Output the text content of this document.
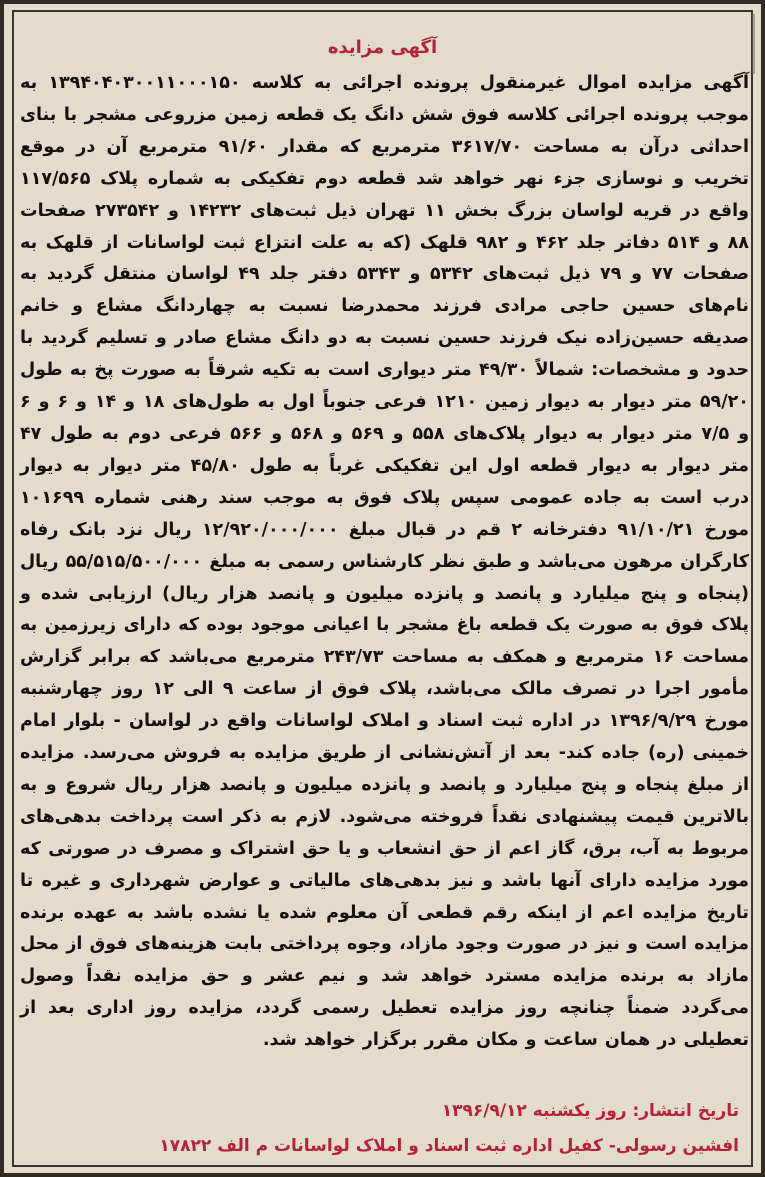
آگهی مزایده

آگهی مزایده اموال غیرمنقول پرونده اجرائی به کلاسه ۱۳۹۴۰۴۰۳۰۰۱۱۰۰۰۱۵۰ به موجب پرونده اجرائی کلاسه فوق شش دانگ یک قطعه زمین مزروعی مشجر با بنای احداثی درآن به مساحت ۳۶۱۷/۷۰ مترمربع که مقدار ۹۱/۶۰ مترمربع آن در موقع تخریب و نوسازی جزء نهر خواهد شد قطعه دوم تفکیکی به شماره پلاک ۱۱۷/۵۶۵ واقع در قریه لواسان بزرگ بخش ۱۱ تهران ذیل ثبت‌های ۱۴۲۳۲ و ۲۷۳۵۴۲ صفحات ۸۸ و ۵۱۴ دفاتر جلد ۴۶۲ و ۹۸۲ قلهک (که به علت انتزاع ثبت لواسانات از قلهک به صفحات ۷۷ و ۷۹ ذیل ثبت‌های ۵۳۴۲ و ۵۳۴۳ دفتر جلد ۴۹ لواسان منتقل گردید به نام‌های حسین حاجی مرادی فرزند محمدرضا نسبت به چهاردانگ مشاع و خانم صدیقه حسین‌زاده نیک فرزند حسین نسبت به دو دانگ مشاع صادر و تسلیم گردید با حدود و مشخصات: شمالاً ۴۹/۳۰ متر دیواری است به تکیه شرقاً به صورت پخ به طول ۵۹/۲۰ متر دیوار به دیوار زمین ۱۲۱۰ فرعی جنوباً اول به طول‌های ۱۸ و ۱۴ و ۶ و ۶ و ۷/۵ متر دیوار به دیوار پلاک‌های ۵۵۸ و ۵۶۹ و ۵۶۸ و ۵۶۶ فرعی دوم به طول ۴۷ متر دیوار به دیوار قطعه اول این تفکیکی غرباً به طول ۴۵/۸۰ متر دیوار به دیوار درب است به جاده عمومی سپس پلاک فوق به موجب سند رهنی شماره ۱۰۱۶۹۹ مورخ ۹۱/۱۰/۲۱ دفترخانه ۲ قم در قبال مبلغ ۱۲/۹۲۰/۰۰۰/۰۰۰ ریال نزد بانک رفاه کارگران مرهون می‌باشد و طبق نظر کارشناس رسمی به مبلغ ۵۵/۵۱۵/۵۰۰/۰۰۰ ریال (پنجاه و پنج میلیارد و پانصد و پانزده میلیون و پانصد هزار ریال) ارزیابی شده و پلاک فوق به صورت یک قطعه باغ مشجر با اعیانی موجود بوده که دارای زیرزمین به مساحت ۱۶ مترمربع و همکف به مساحت ۲۴۳/۷۳ مترمربع می‌باشد که برابر گزارش مأمور اجرا در تصرف مالک می‌باشد، پلاک فوق از ساعت ۹ الی ۱۲ روز چهارشنبه مورخ ۱۳۹۶/۹/۲۹ در اداره ثبت اسناد و املاک لواسانات واقع در لواسان - بلوار امام خمینی (ره) جاده کند- بعد از آتش‌نشانی از طریق مزایده به فروش می‌رسد. مزایده از مبلغ پنجاه و پنج میلیارد و پانصد و پانزده میلیون و پانصد هزار ریال شروع و به بالاترین قیمت پیشنهادی نقداً فروخته می‌شود. لازم به ذکر است پرداخت بدهی‌های مربوط به آب، برق، گاز اعم از حق انشعاب و یا حق اشتراک و مصرف در صورتی که مورد مزایده دارای آنها باشد و نیز بدهی‌های مالیاتی و عوارض شهرداری و غیره تا تاریخ مزایده اعم از اینکه رقم قطعی آن معلوم شده یا نشده باشد به عهده برنده مزایده است و نیز در صورت وجود مازاد، وجوه پرداختی بابت هزینه‌های فوق از محل مازاد به برنده مزایده مسترد خواهد شد و نیم عشر و حق مزایده نقداً وصول می‌گردد ضمناً چنانچه روز مزایده تعطیل رسمی گردد، مزایده روز اداری بعد از تعطیلی در همان ساعت و مکان مقرر برگزار خواهد شد.

تاریخ انتشار: روز یکشنبه ۱۳۹۶/۹/۱۲
افشین رسولی- کفیل اداره ثبت اسناد و املاک لواسانات م الف ۱۷۸۲۲
